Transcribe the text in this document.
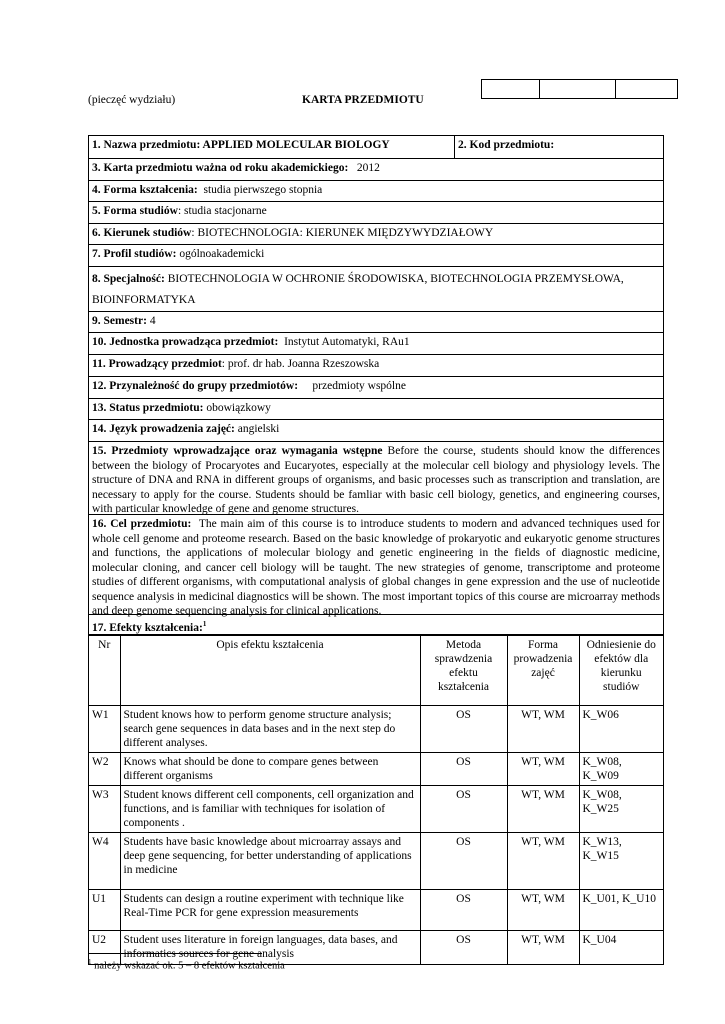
(pieczęć wydziału)	KARTA PRZEDMIOTU
1. Nazwa przedmiotu: APPLIED MOLECULAR BIOLOGY	2. Kod przedmiotu:
3. Karta przedmiotu ważna od roku akademickiego: 2012
4. Forma kształcenia: studia pierwszego stopnia
5. Forma studiów: studia stacjonarne
6. Kierunek studiów: BIOTECHNOLOGIA: KIERUNEK MIĘDZYWYDZIAŁOWY
7. Profil studiów: ogólnoakademicki
8. Specjalność: BIOTECHNOLOGIA W OCHRONIE ŚRODOWISKA, BIOTECHNOLOGIA PRZEMYSŁOWA, BIOINFORMATYKA
9. Semestr: 4
10. Jednostka prowadząca przedmiot: Instytut Automatyki, RAu1
11. Prowadzący przedmiot: prof. dr hab. Joanna Rzeszowska
12. Przynależność do grupy przedmiotów: przedmioty wspólne
13. Status przedmiotu: obowiązkowy
14. Język prowadzenia zajęć: angielski
15. Przedmioty wprowadzające oraz wymagania wstępne Before the course, students should know the differences between the biology of Procaryotes and Eucaryotes, especially at the molecular cell biology and physiology levels. The structure of DNA and RNA in different groups of organisms, and basic processes such as transcription and translation, are necessary to apply for the course. Students should be famliar with basic cell biology, genetics, and engineering courses, with particular knowledge of gene and genome structures.
16. Cel przedmiotu: The main aim of this course is to introduce students to modern and advanced techniques used for whole cell genome and proteome research. Based on the basic knowledge of prokaryotic and eukaryotic genome structures and functions, the applications of molecular biology and genetic engineering in the fields of diagnostic medicine, molecular cloning, and cancer cell biology will be taught. The new strategies of genome, transcriptome and proteome studies of different organisms, with computational analysis of global changes in gene expression and the use of nucleotide sequence analysis in medicinal diagnostics will be shown. The most important topics of this course are microarray methods and deep genome sequencing analysis for clinical applications.
17. Efekty kształcenia:$^1$
Nr	Opis efektu kształcenia	Metoda sprawdzenia efektu kształcenia	Forma prowadzenia zajęć	Odniesienie do efektów dla kierunku studiów
W1	Student knows how to perform genome structure analysis; search gene sequences in data bases and in the next step do different analyses.	OS	WT, WM	K_W06
W2	Knows what should be done to compare genes between different organisms	OS	WT, WM	K_W08, K_W09
W3	Student knows different cell components, cell organization and functions, and is familiar with techniques for isolation of components .	OS	WT, WM	K_W08, K_W25
W4	Students have basic knowledge about microarray assays and deep gene sequencing, for better understanding of applications in medicine	OS	WT, WM	K_W13, K_W15
U1	Students can design a routine experiment with technique like Real-Time PCR for gene expression measurements	OS	WT, WM	K_U01, K_U10
U2	Student uses literature in foreign languages, data bases, and informatics sources for gene analysis	OS	WT, WM	K_U04
$^1$ należy wskazać ok. 5 – 8 efektów kształcenia
